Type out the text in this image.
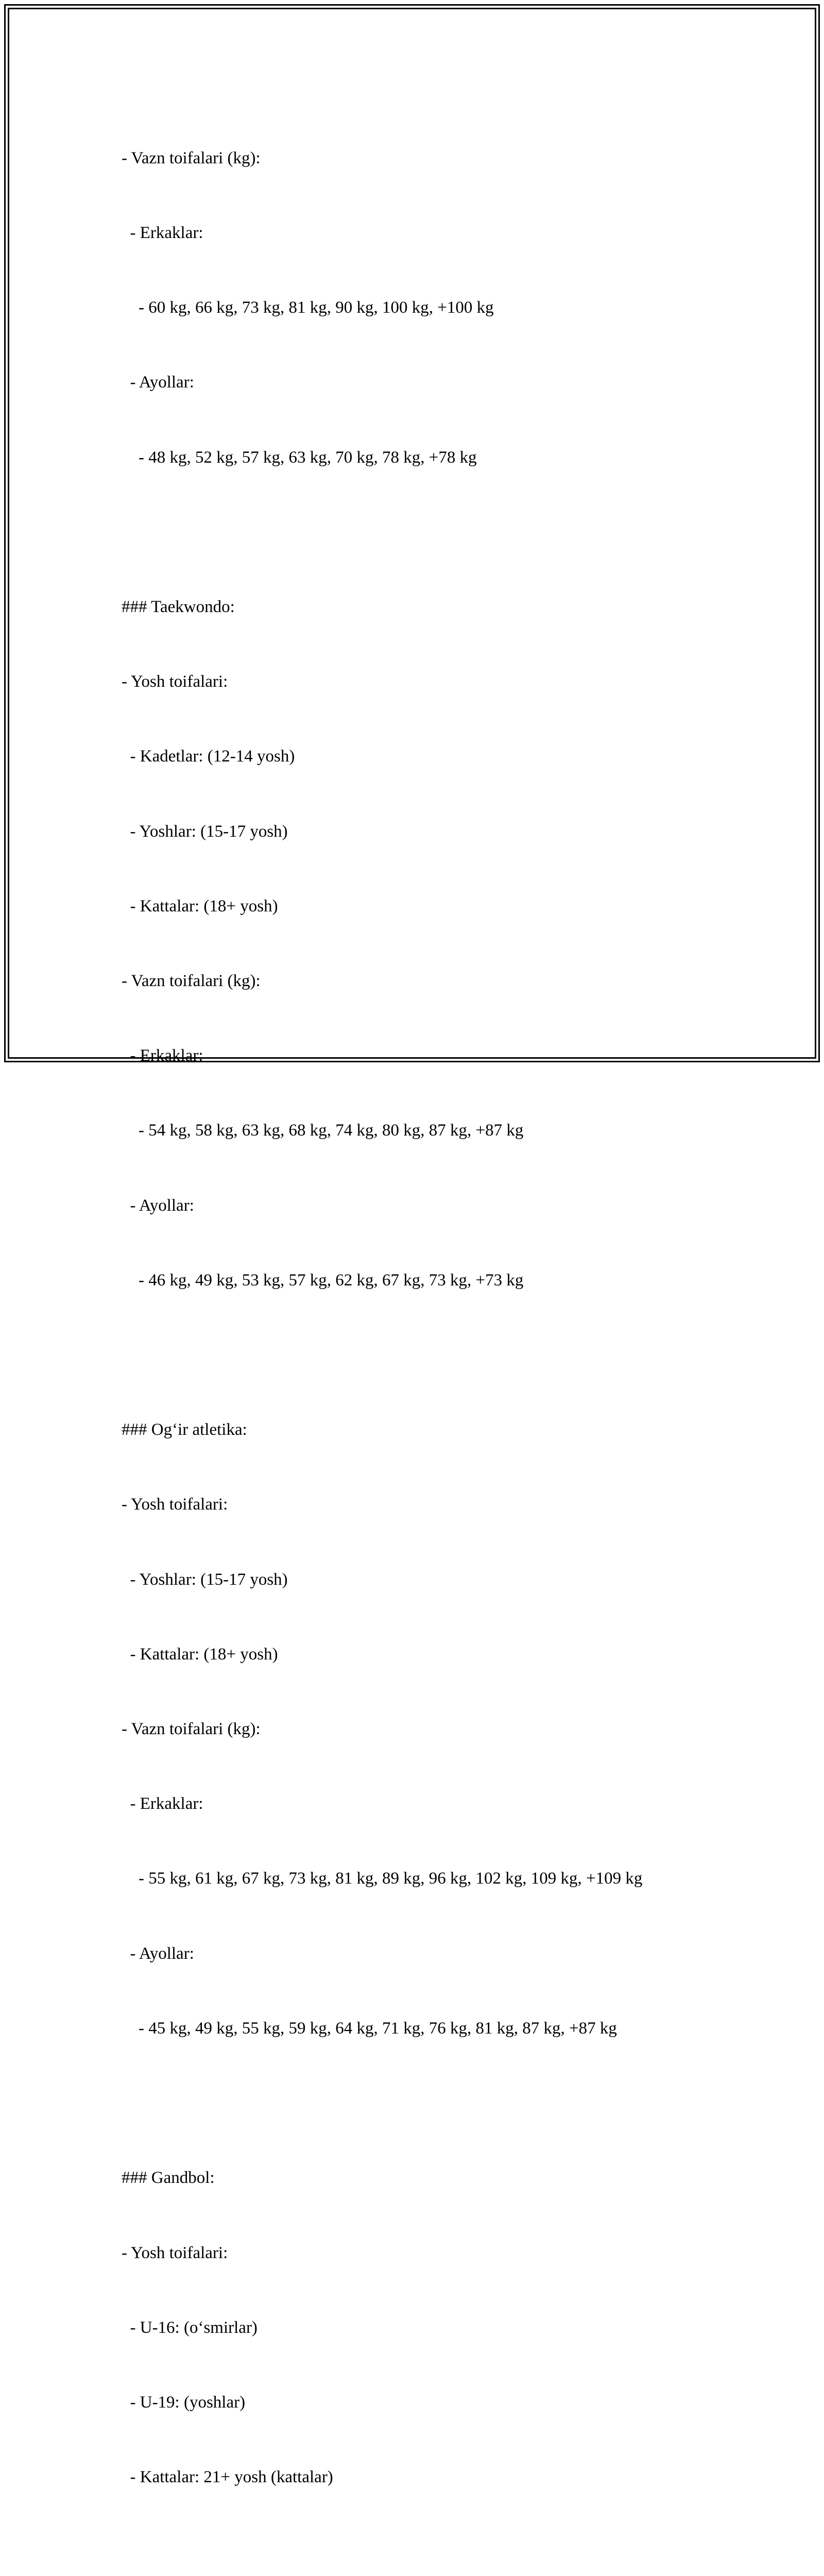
- Vazn toifalari (kg):

- Erkaklar:

- 60 kg, 66 kg, 73 kg, 81 kg, 90 kg, 100 kg, +100 kg

- Ayollar:

- 48 kg, 52 kg, 57 kg, 63 kg, 70 kg, 78 kg, +78 kg

### Taekwondo:

- Yosh toifalari:

- Kadetlar: (12-14 yosh)

- Yoshlar: (15-17 yosh)

- Kattalar: (18+ yosh)

- Vazn toifalari (kg):

- Erkaklar:

- 54 kg, 58 kg, 63 kg, 68 kg, 74 kg, 80 kg, 87 kg, +87 kg

- Ayollar:

- 46 kg, 49 kg, 53 kg, 57 kg, 62 kg, 67 kg, 73 kg, +73 kg

### Og‘ir atletika:

- Yosh toifalari:

- Yoshlar: (15-17 yosh)

- Kattalar: (18+ yosh)

- Vazn toifalari (kg):

- Erkaklar:

- 55 kg, 61 kg, 67 kg, 73 kg, 81 kg, 89 kg, 96 kg, 102 kg, 109 kg, +109 kg

- Ayollar:

- 45 kg, 49 kg, 55 kg, 59 kg, 64 kg, 71 kg, 76 kg, 81 kg, 87 kg, +87 kg

### Gandbol:

- Yosh toifalari:

- U-16: (o‘smirlar)

- U-19: (yoshlar)

- Kattalar: 21+ yosh (kattalar)
